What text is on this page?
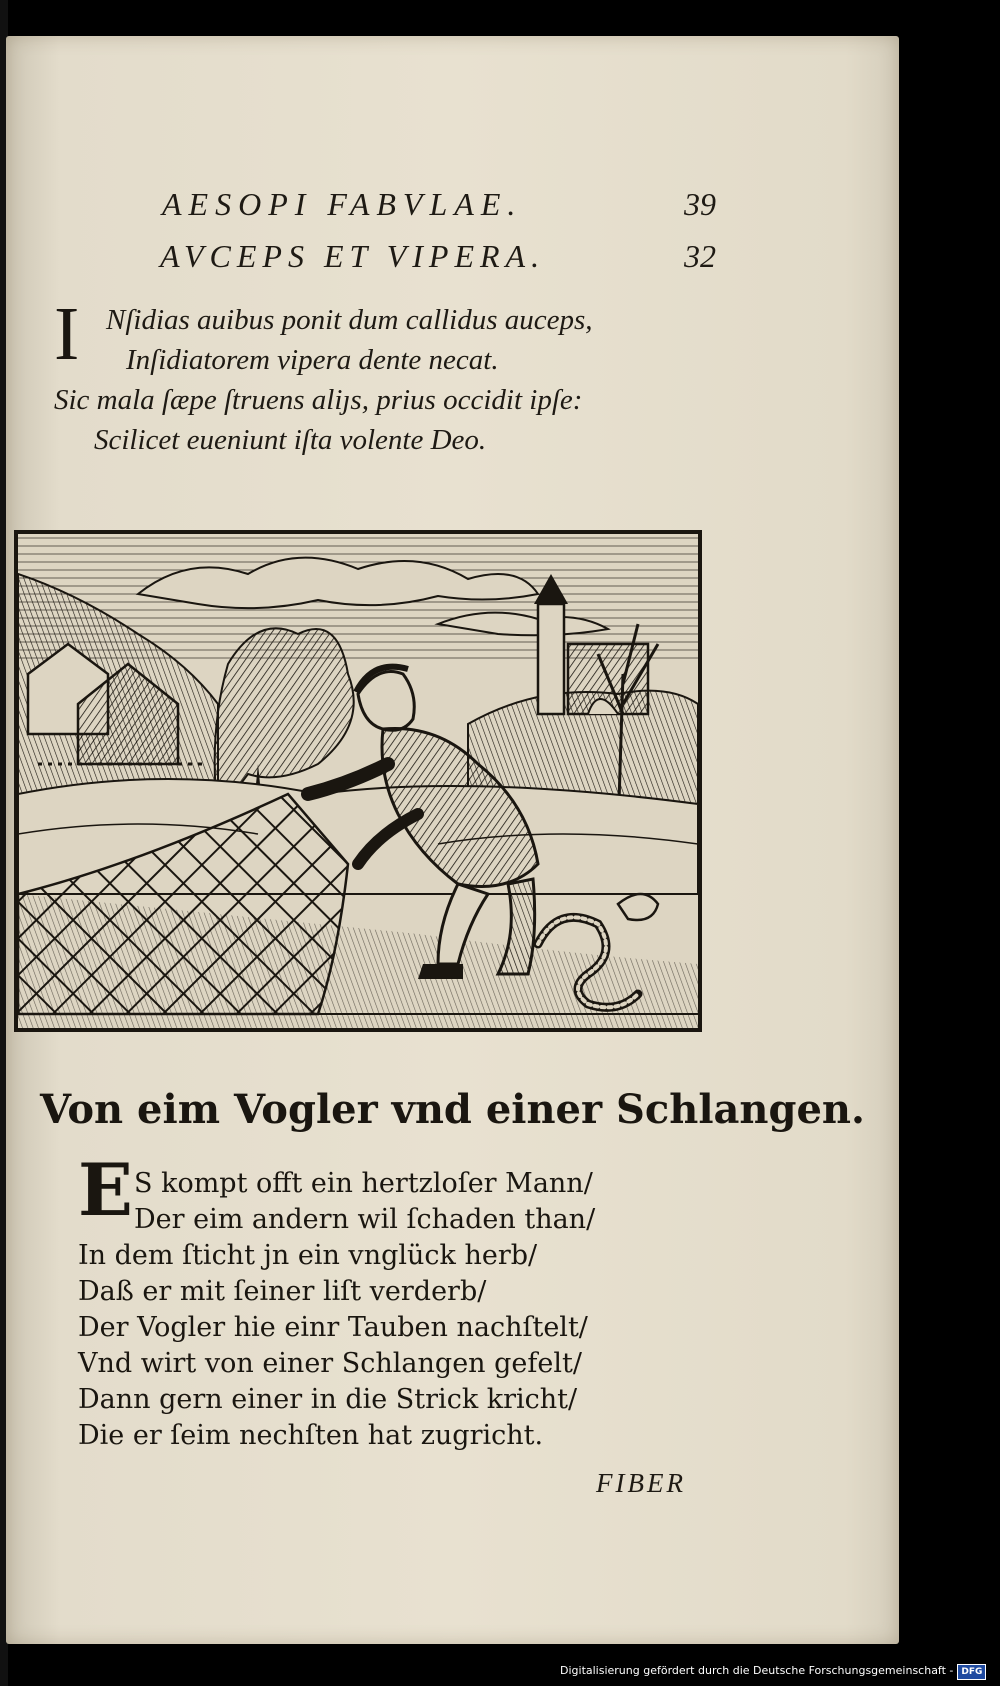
AESOPI FABVLAE.	39
AVCEPS ET VIPERA.	32
I Nſidias auibus ponit dum callidus auceps,
Inſidiatorem vipera dente necat.
Sic mala ſæpe ſtruens aliȷs, prius occidit ipſe:
Scilicet eueniunt iſta volente Deo.
Von eim Vogler vnd einer Schlangen.
E S kompt offt ein hertzloſer Mann/
Der eim andern wil ſchaden than/
In dem ſticht jn ein vnglück herb/
Daß er mit ſeiner liſt verderb/
Der Vogler hie einr Tauben nachſtelt/
Vnd wirt von einer Schlangen gefelt/
Dann gern einer in die Strick kricht/
Die er ſeim nechſten hat zugricht.
FIBER
Digitalisierung gefördert durch die Deutsche Forschungsgemeinschaft - DFG
